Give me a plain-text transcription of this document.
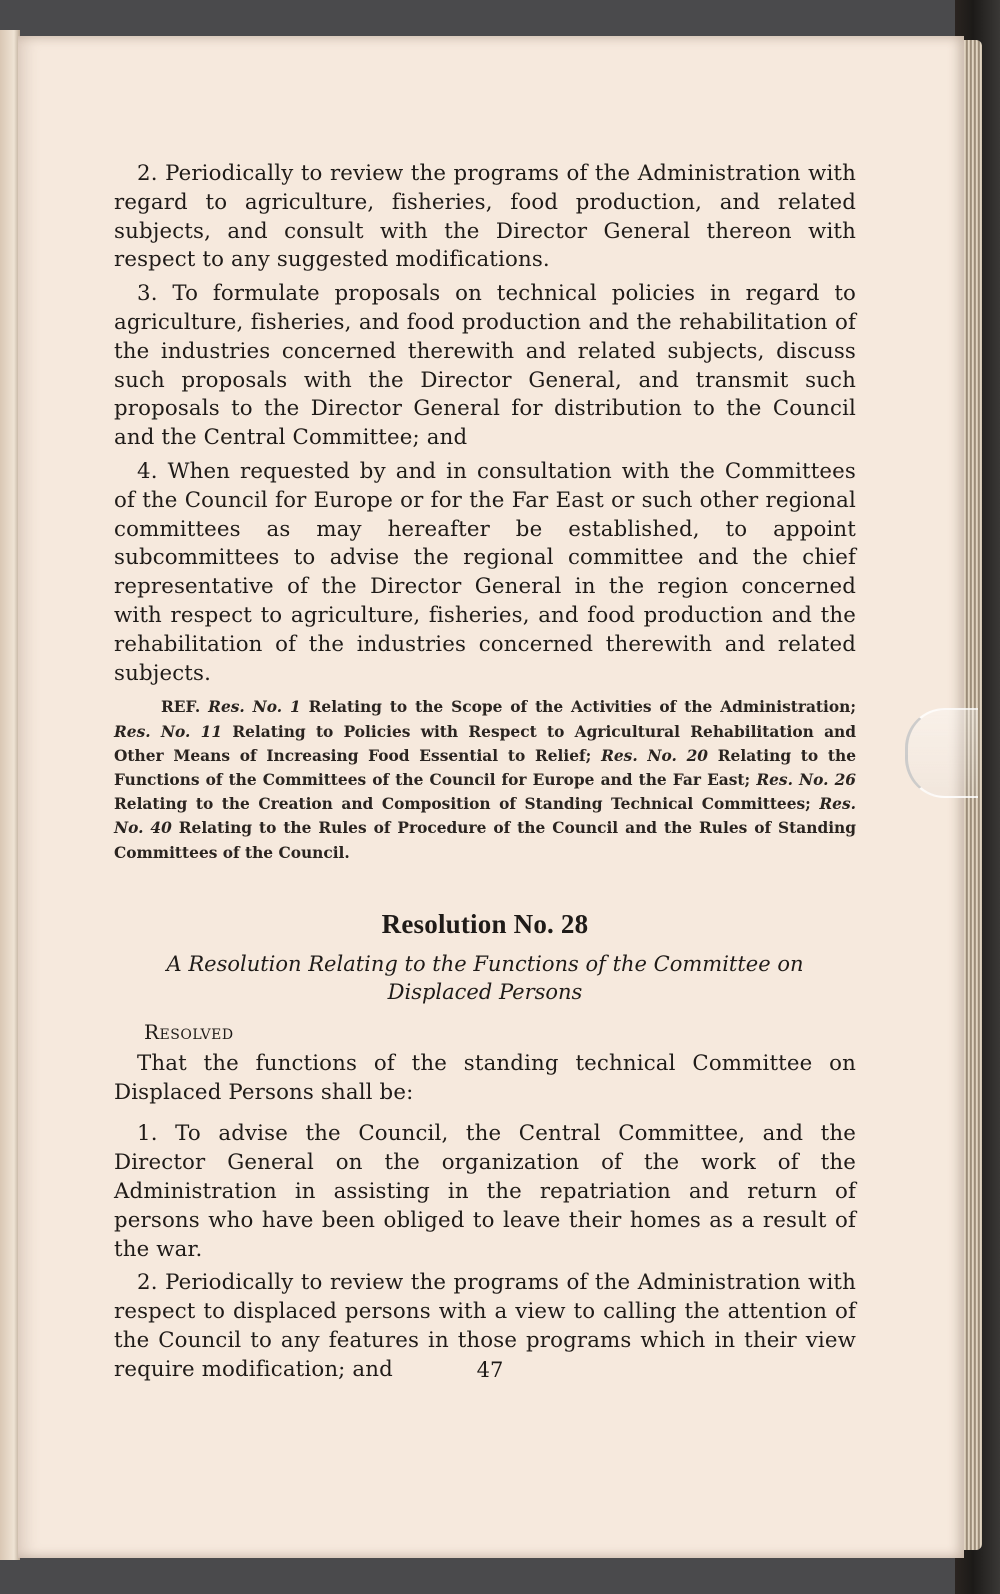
2. Periodically to review the programs of the Administration with regard to agriculture, fisheries, food production, and related subjects, and consult with the Director General thereon with respect to any suggested modifications.

3. To formulate proposals on technical policies in regard to agriculture, fisheries, and food production and the rehabilitation of the industries concerned therewith and related subjects, discuss such proposals with the Director General, and transmit such proposals to the Director General for distribution to the Council and the Central Committee; and

4. When requested by and in consultation with the Committees of the Council for Europe or for the Far East or such other regional committees as may hereafter be established, to appoint subcommittees to advise the regional committee and the chief representative of the Director General in the region concerned with respect to agriculture, fisheries, and food production and the rehabilitation of the industries concerned therewith and related subjects.

REF. Res. No. 1 Relating to the Scope of the Activities of the Administration; Res. No. 11 Relating to Policies with Respect to Agricultural Rehabilitation and Other Means of Increasing Food Essential to Relief; Res. No. 20 Relating to the Functions of the Committees of the Council for Europe and the Far East; Res. No. 26 Relating to the Creation and Composition of Standing Technical Committees; Res. No. 40 Relating to the Rules of Procedure of the Council and the Rules of Standing Committees of the Council.

Resolution No. 28
A Resolution Relating to the Functions of the Committee on Displaced Persons
Resolved

That the functions of the standing technical Committee on Displaced Persons shall be:

1. To advise the Council, the Central Committee, and the Director General on the organization of the work of the Administration in assisting in the repatriation and return of persons who have been obliged to leave their homes as a result of the war.

2. Periodically to review the programs of the Administration with respect to displaced persons with a view to calling the attention of the Council to any features in those programs which in their view require modification; and	47
